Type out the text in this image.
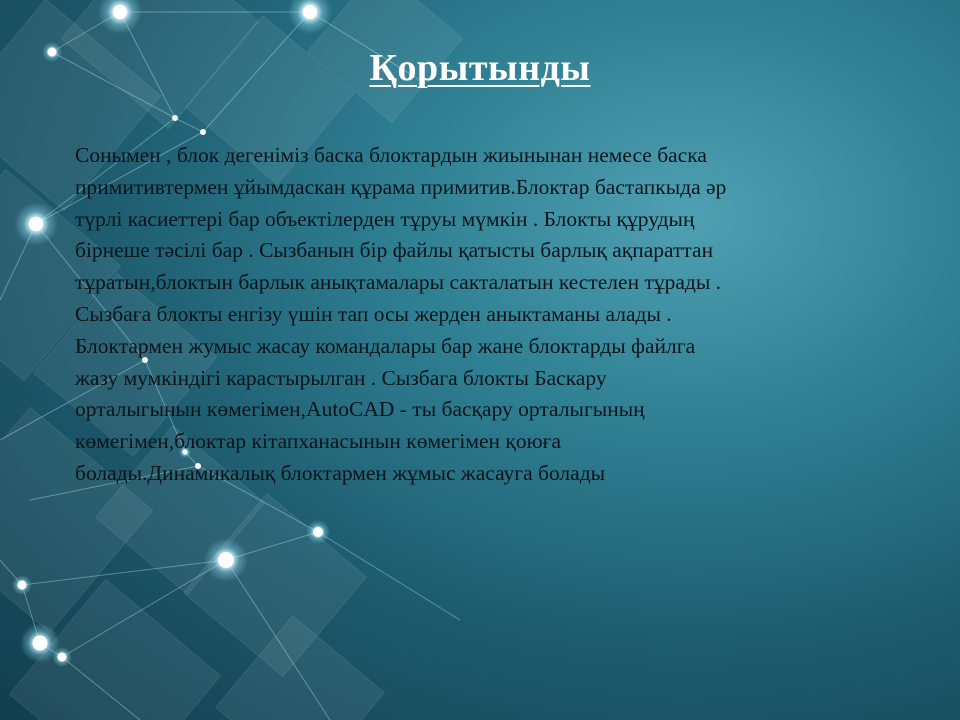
Қорытынды
Сонымен , блок дегеніміз баска блоктардын жиынынан немесе баска
примитивтермен ұйымдаскан құрама примитив.Блоктар бастапкыда әр
түрлі касиеттері бар объектілерден тұруы мүмкін . Блокты құрудың
бірнеше тәсілі бар . Сызбанын бір файлы қатысты барлық ақпараттан
тұратын,блоктын барлык анықтамалары сакталатын кестелен тұрады .
Сызбаға блокты енгізу үшін тап осы жерден аныктаманы алады .
Блоктармен жумыс жасау командалары бар жане блоктарды файлга
жазу мумкіндігі карастырылган . Сызбага блокты Баскару
орталыгынын көмегімен,AutoCAD - ты басқару орталыгының
көмегімен,блоктар кітапханасынын көмегімен қоюға
болады.Динамикалық блоктармен жұмыс жасауга болады
